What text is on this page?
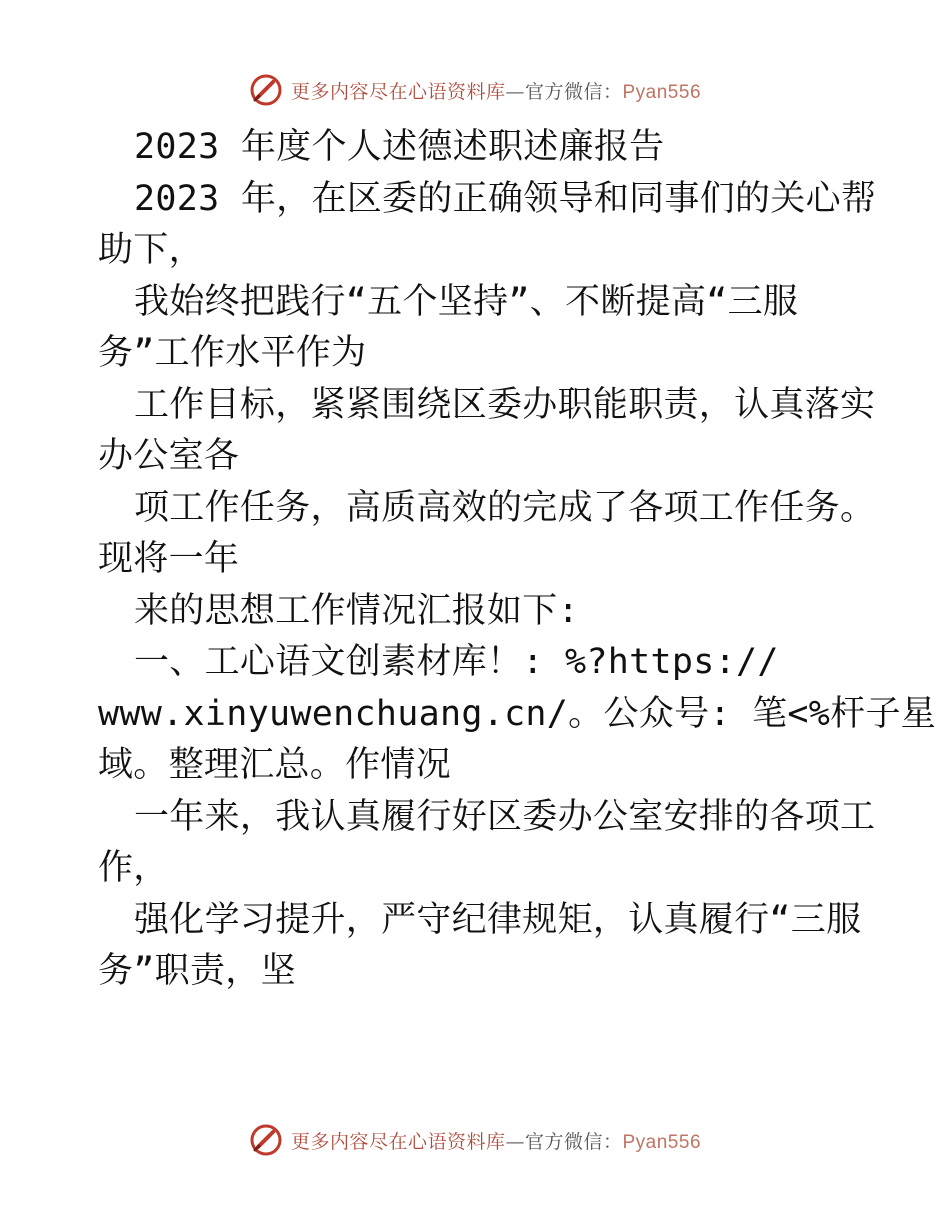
更多内容尽在心语资料库—官方微信：Pyan556
2023 年度个人述德述职述廉报告
2023 年，在区委的正确领导和同事们的关心帮
助下，
我始终把践行“五个坚持”、不断提高“三服
务”工作水平作为
工作目标，紧紧围绕区委办职能职责，认真落实
办公室各
项工作任务，高质高效的完成了各项工作任务。
现将一年
来的思想工作情况汇报如下:
一、工心语文创素材库！: %?https://
www.xinyuwenchuang.cn/。公众号: 笔<%杆子星
域。整理汇总。作情况
一年来，我认真履行好区委办公室安排的各项工
作，
强化学习提升，严守纪律规矩，认真履行“三服
务”职责，坚
更多内容尽在心语资料库—官方微信：Pyan556
